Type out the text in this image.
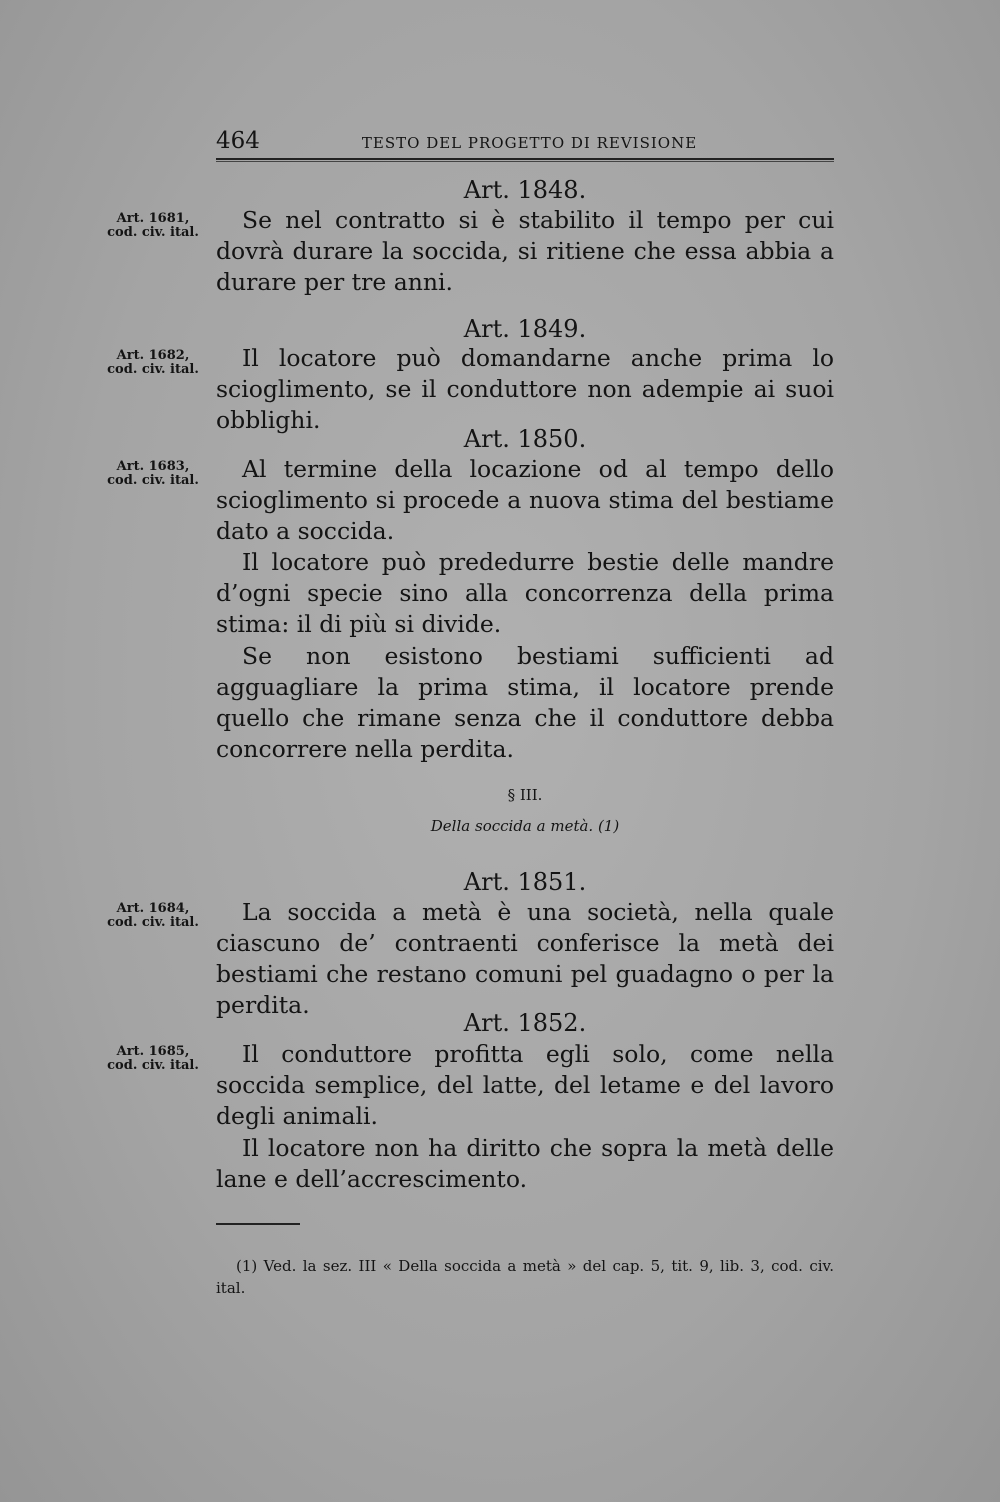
464	TESTO DEL PROGETTO DI REVISIONE
Art. 1848.
Art. 1681, cod. civ. ital.	Se nel contratto si è stabilito il tempo per cui dovrà durare la soccida, si ritiene che essa abbia a durare per tre anni.
Art. 1849.
Art. 1682, cod. civ. ital.	Il locatore può domandarne anche prima lo scioglimento, se il conduttore non adempie ai suoi obblighi.
Art. 1850.
Art. 1683, cod. civ. ital.	Al termine della locazione od al tempo dello scioglimento si procede a nuova stima del bestiame dato a soccida.
Il locatore può prededurre bestie delle mandre d’ogni specie sino alla concorrenza della prima stima: il di più si divide.
Se non esistono bestiami sufficienti ad agguagliare la prima stima, il locatore prende quello che rimane senza che il conduttore debba concorrere nella perdita.
§ III.
Della soccida a metà. (1)
Art. 1851.
Art. 1684, cod. civ. ital.	La soccida a metà è una società, nella quale ciascuno de’ contraenti conferisce la metà dei bestiami che restano comuni pel guadagno o per la perdita.
Art. 1852.
Art. 1685, cod. civ. ital.	Il conduttore profitta egli solo, come nella soccida semplice, del latte, del letame e del lavoro degli animali.
Il locatore non ha diritto che sopra la metà delle lane e dell’accrescimento.
(1) Ved. la sez. III « Della soccida a metà » del cap. 5, tit. 9, lib. 3, cod. civ. ital.
